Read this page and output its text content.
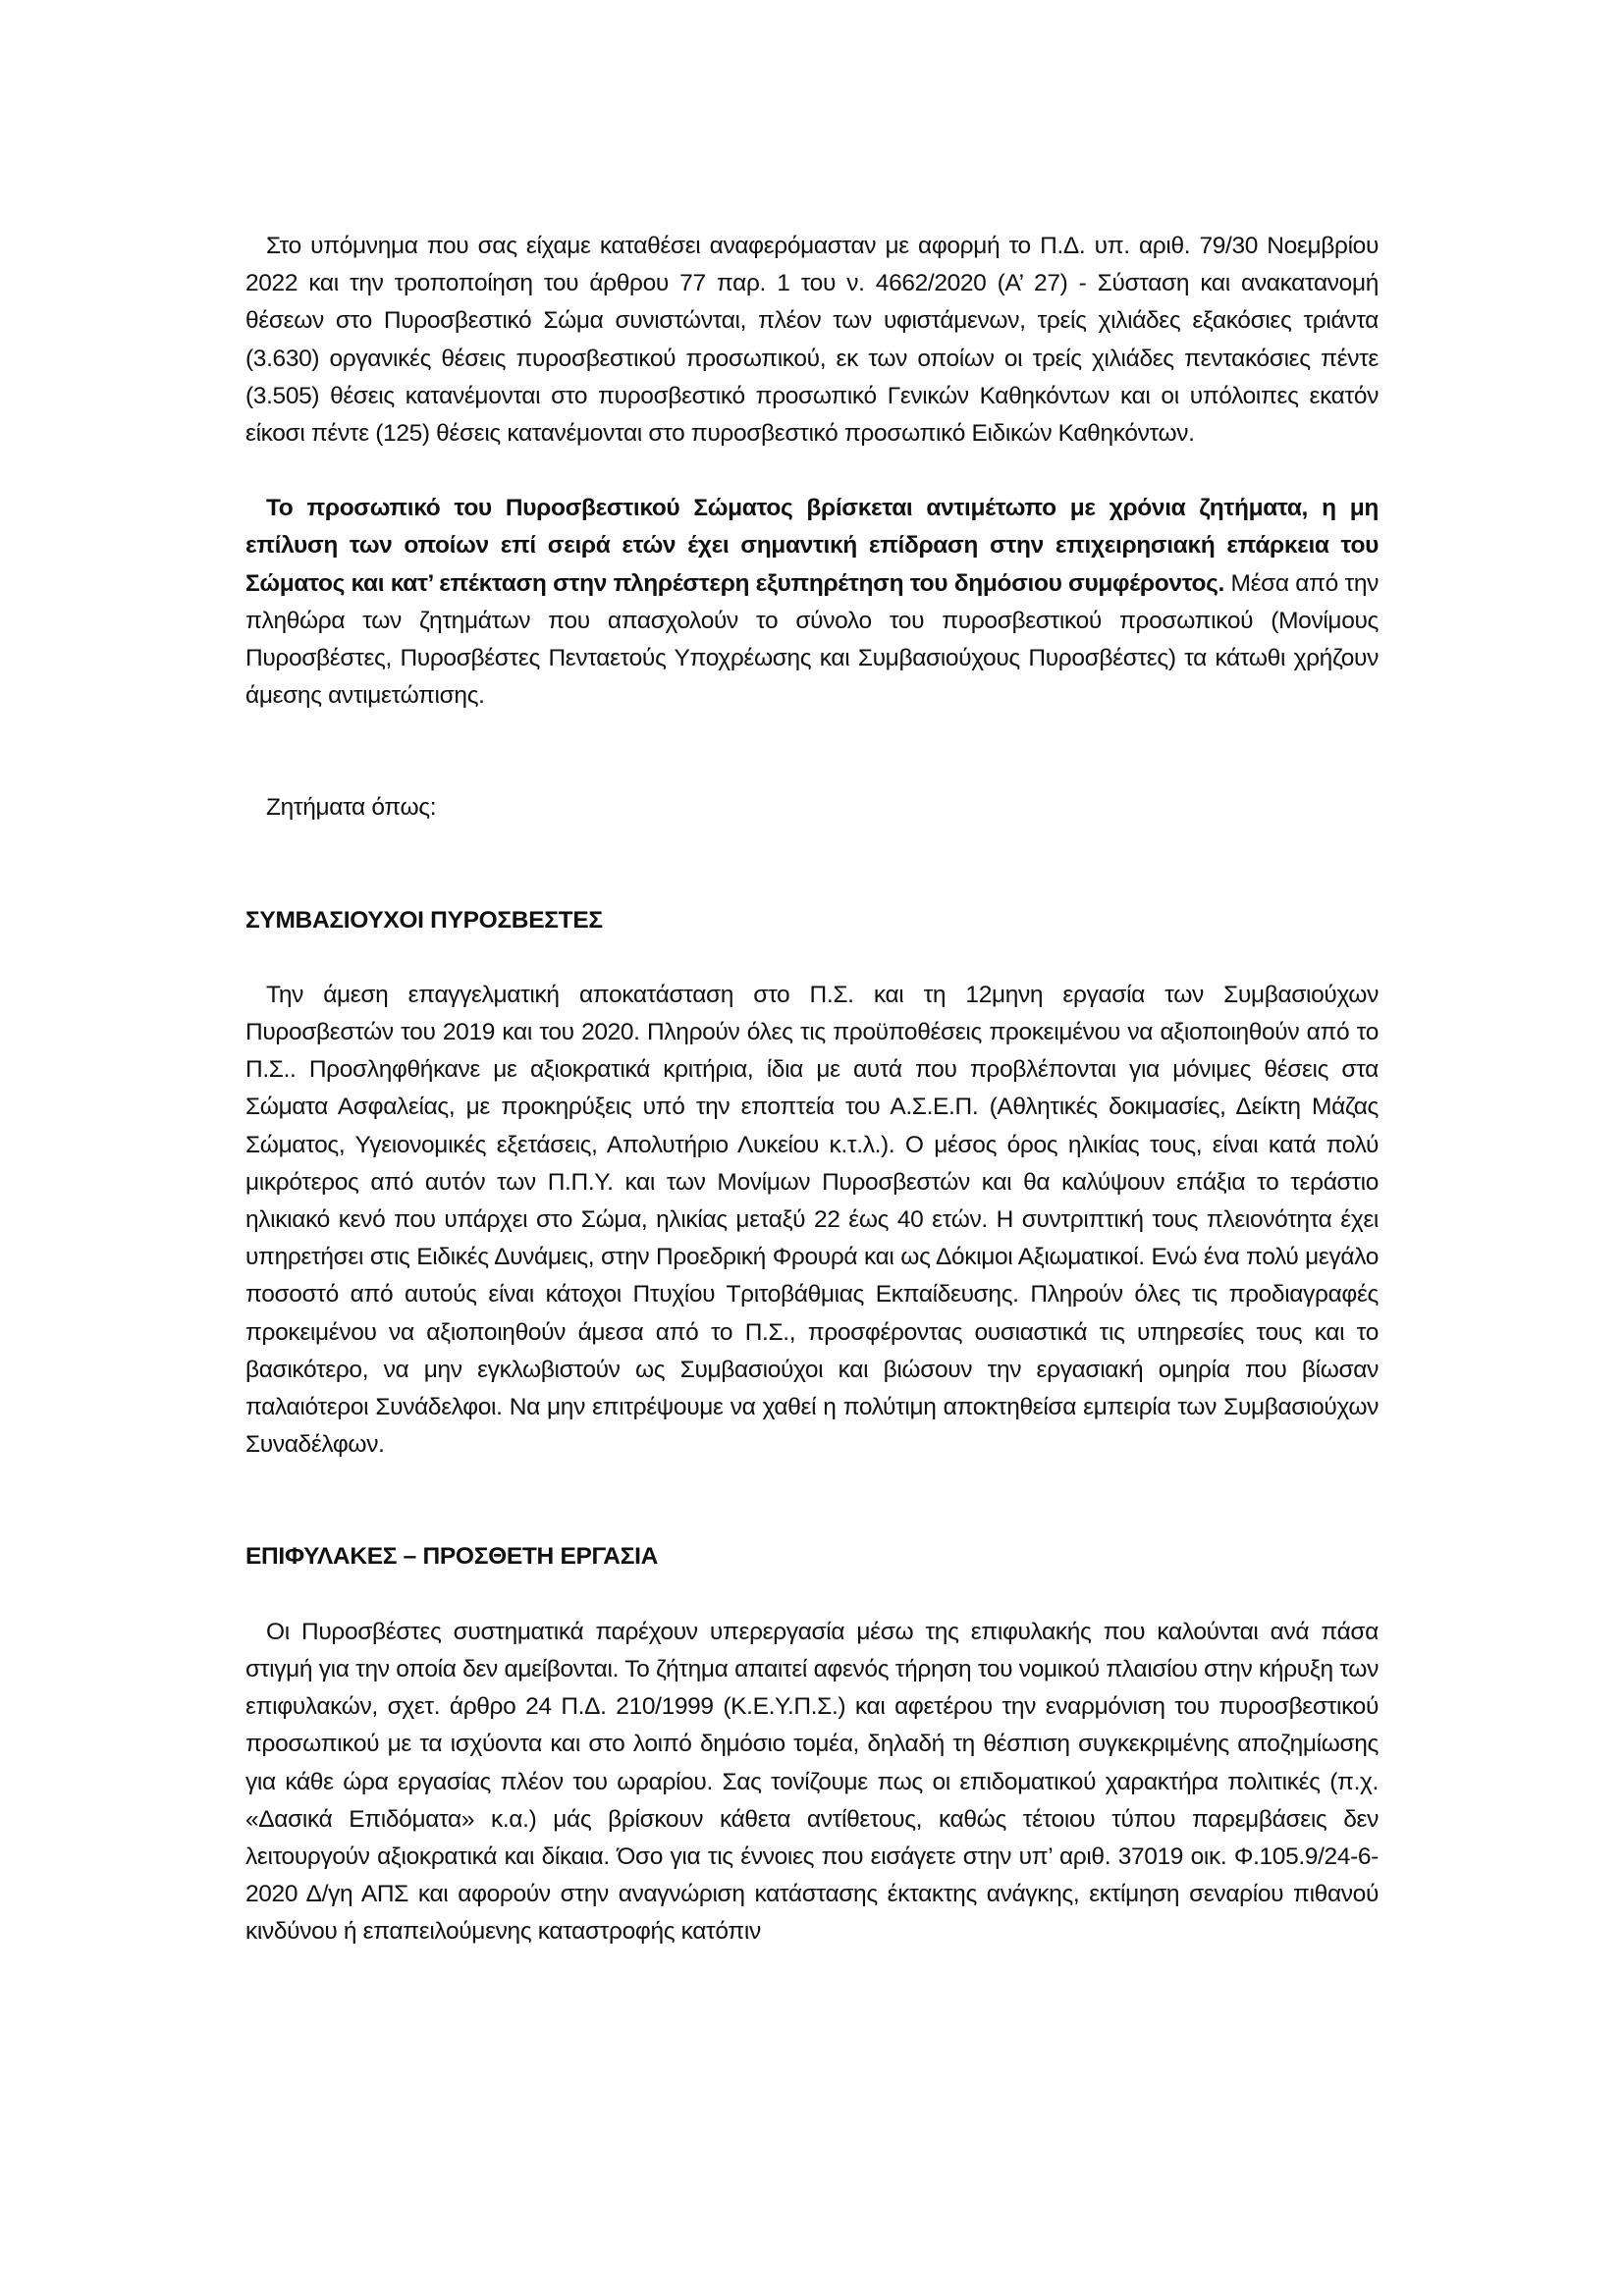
Στο υπόμνημα που σας είχαμε καταθέσει αναφερόμασταν με αφορμή το Π.Δ. υπ. αριθ. 79/30 Νοεμβρίου 2022 και την τροποποίηση του άρθρου 77 παρ. 1 του ν. 4662/2020 (Α’ 27) - Σύσταση και ανακατανομή θέσεων στο Πυροσβεστικό Σώμα συνιστώνται, πλέον των υφιστάμενων, τρείς χιλιάδες εξακόσιες τριάντα (3.630) οργανικές θέσεις πυροσβεστικού προσωπικού, εκ των οποίων οι τρείς χιλιάδες πεντακόσιες πέντε (3.505) θέσεις κατανέμονται στο πυροσβεστικό προσωπικό Γενικών Καθηκόντων και οι υπόλοιπες εκατόν είκοσι πέντε (125) θέσεις κατανέμονται στο πυροσβεστικό προσωπικό Ειδικών Καθηκόντων.

Το προσωπικό του Πυροσβεστικού Σώματος βρίσκεται αντιμέτωπο με χρόνια ζητήματα, η μη επίλυση των οποίων επί σειρά ετών έχει σημαντική επίδραση στην επιχειρησιακή επάρκεια του Σώματος και κατ’ επέκταση στην πληρέστερη εξυπηρέτηση του δημόσιου συμφέροντος. Μέσα από την πληθώρα των ζητημάτων που απασχολούν το σύνολο του πυροσβεστικού προσωπικού (Μονίμους Πυροσβέστες, Πυροσβέστες Πενταετούς Υποχρέωσης και Συμβασιούχους Πυροσβέστες) τα κάτωθι χρήζουν άμεσης αντιμετώπισης.

Ζητήματα όπως:

ΣΥΜΒΑΣΙΟΥΧΟΙ ΠΥΡΟΣΒΕΣΤΕΣ

Την άμεση επαγγελματική αποκατάσταση στο Π.Σ. και τη 12μηνη εργασία των Συμβασιούχων Πυροσβεστών του 2019 και του 2020. Πληρούν όλες τις προϋποθέσεις προκειμένου να αξιοποιηθούν από το Π.Σ.. Προσληφθήκανε με αξιοκρατικά κριτήρια, ίδια με αυτά που προβλέπονται για μόνιμες θέσεις στα Σώματα Ασφαλείας, με προκηρύξεις υπό την εποπτεία του Α.Σ.Ε.Π. (Αθλητικές δοκιμασίες, Δείκτη Μάζας Σώματος, Υγειονομικές εξετάσεις, Απολυτήριο Λυκείου κ.τ.λ.). Ο μέσος όρος ηλικίας τους, είναι κατά πολύ μικρότερος από αυτόν των Π.Π.Υ. και των Μονίμων Πυροσβεστών και θα καλύψουν επάξια το τεράστιο ηλικιακό κενό που υπάρχει στο Σώμα, ηλικίας μεταξύ 22 έως 40 ετών. Η συντριπτική τους πλειονότητα έχει υπηρετήσει στις Ειδικές Δυνάμεις, στην Προεδρική Φρουρά και ως Δόκιμοι Αξιωματικοί. Ενώ ένα πολύ μεγάλο ποσοστό από αυτούς είναι κάτοχοι Πτυχίου Τριτοβάθμιας Εκπαίδευσης. Πληρούν όλες τις προδιαγραφές προκειμένου να αξιοποιηθούν άμεσα από το Π.Σ., προσφέροντας ουσιαστικά τις υπηρεσίες τους και το βασικότερο, να μην εγκλωβιστούν ως Συμβασιούχοι και βιώσουν την εργασιακή ομηρία που βίωσαν παλαιότεροι Συνάδελφοι. Να μην επιτρέψουμε να χαθεί η πολύτιμη αποκτηθείσα εμπειρία των Συμβασιούχων Συναδέλφων.

ΕΠΙΦΥΛΑΚΕΣ – ΠΡΟΣΘΕΤΗ ΕΡΓΑΣΙΑ

Οι Πυροσβέστες συστηματικά παρέχουν υπερεργασία μέσω της επιφυλακής που καλούνται ανά πάσα στιγμή για την οποία δεν αμείβονται. Το ζήτημα απαιτεί αφενός τήρηση του νομικού πλαισίου στην κήρυξη των επιφυλακών, σχετ. άρθρο 24 Π.Δ. 210/1999 (Κ.Ε.Υ.Π.Σ.) και αφετέρου την εναρμόνιση του πυροσβεστικού προσωπικού με τα ισχύοντα και στο λοιπό δημόσιο τομέα, δηλαδή τη θέσπιση συγκεκριμένης αποζημίωσης για κάθε ώρα εργασίας πλέον του ωραρίου. Σας τονίζουμε πως οι επιδοματικού χαρακτήρα πολιτικές (π.χ. «Δασικά Επιδόματα» κ.α.) μάς βρίσκουν κάθετα αντίθετους, καθώς τέτοιου τύπου παρεμβάσεις δεν λειτουργούν αξιοκρατικά και δίκαια. Όσο για τις έννοιες που εισάγετε στην υπ’ αριθ. 37019 οικ. Φ.105.9/24-6-2020 Δ/γη ΑΠΣ και αφορούν στην αναγνώριση κατάστασης έκτακτης ανάγκης, εκτίμηση σεναρίου πιθανού κινδύνου ή επαπειλούμενης καταστροφής κατόπιν
